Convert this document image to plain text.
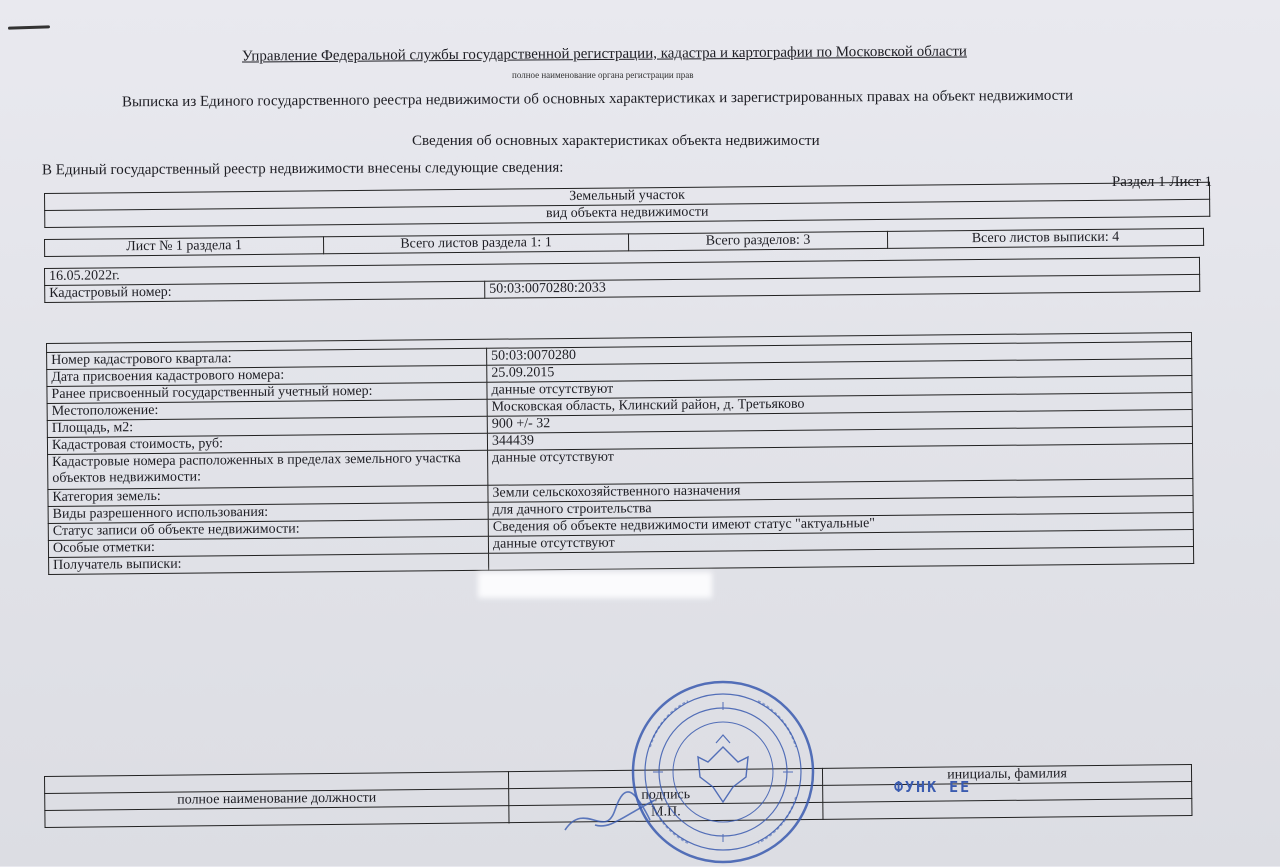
Управление Федеральной службы государственной регистрации, кадастра и картографии по Московской области
полное наименование органа регистрации прав
Выписка из Единого государственного реестра недвижимости об основных характеристиках и зарегистрированных правах на объект недвижимости
Сведения об основных характеристиках объекта недвижимости
В Единый государственный реестр недвижимости внесены следующие сведения:
Раздел 1 Лист 1
Земельный участок
вид объекта недвижимости
Лист № 1 раздела 1	Всего листов раздела 1: 1	Всего разделов: 3	Всего листов выписки: 4
16.05.2022г.
Кадастровый номер:	50:03:0070280:2033

Номер кадастрового квартала:	50:03:0070280
Дата присвоения кадастрового номера:	25.09.2015
Ранее присвоенный государственный учетный номер:	данные отсутствуют
Местоположение:	Московская область, Клинский район, д. Третьяково
Площадь, м2:	900 +/- 32
Кадастровая стоимость, руб:	344439
Кадастровые номера расположенных в пределах земельного участка объектов недвижимости:	данные отсутствуют
Категория земель:	Земли сельскохозяйственного назначения
Виды разрешенного использования:	для дачного строительства
Статус записи об объекте недвижимости:	Сведения об объекте недвижимости имеют статус "актуальные"
Особые отметки:	данные отсутствуют
Получатель выписки:	
		инициалы, фамилия
полное наименование должности	подпись	
	М.П.	
ФУНК ЕЕ
